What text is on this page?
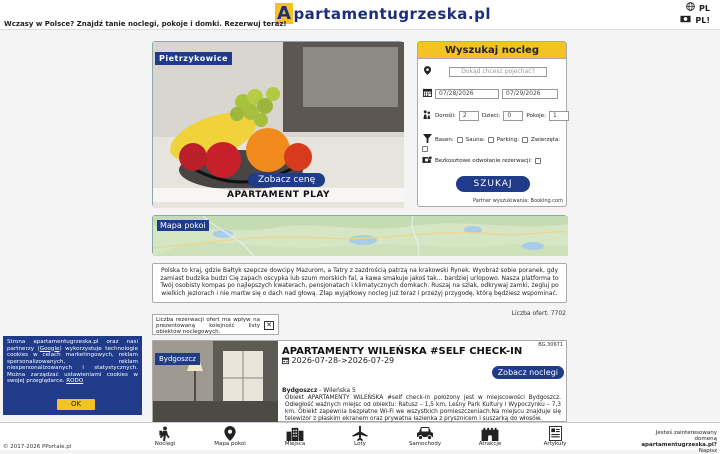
A partamentugrzeska.pl
Wczasy w Polsce? Znajdź tanie noclegi, pokoje i domki. Rezerwuj teraz!
PL
PL!
Pietrzykowice
Zobacz cenę
APARTAMENT PLAY
Wyszukaj nocleg
Dokąd chcesz pojechać?
07/28/2026	07/29/2026
Dorośli:	2	Dzieci:	0	Pokoje:	1
Basen: Sauna: Parking: Zwierzęta:
Bezkosztowe odwołanie rezerwacji:
SZUKAJ
Partner wyszukiwania: Booking.com
Mapa pokoi
Polska to kraj, gdzie Bałtyk szepcze dowcipy Mazurom, a Tatry z zazdrością patrzą na krakowski Rynek. Wyobraź sobie poranek, gdy zamiast budzika budzi Cię zapach oscypka lub szum morskich fal, a kawa smakuje jakoś tak... bardziej urlopowo. Nasza platforma to Twój osobisty kompas po najlepszych kwaterach, pensjonatach i klimatycznych domkach. Ruszaj na szlak, odkrywaj zamki, żegluj po wielkich jeziorach i nie martw się o dach nad głową. Złap wyjątkowy nocleg już teraz i przeżyj przygodę, którą będziesz wspominać.
Liczba ofert: 7702
Liczba rezerwacji ofert ma wpływ na prezentowaną kolejność listy obiektów noclegowych.
✕
Bydgoszcz
BG.30671
APARTAMENTY WILEŃSKA #SELF CHECK-IN
2026-07-28->2026-07-29
Zobacz noclegi
Bydgoszcz - Wileńska 5
Obiekt APARTAMENTY WILEŃSKA #self check-in położony jest w miejscowości Bydgoszcz. Odległość ważnych miejsc od obiektu: Ratusz – 1,5 km, Leśny Park Kultury i Wypoczynku – 7,3 km. Obiekt zapewnia bezpłatne Wi-Fi we wszystkich pomieszczeniach.Na miejscu znajduje się telewizor z płaskim ekranem oraz prywatna łazienka z prysznicem i suszarką do włosów.
Strona apartamentugrzeska.pl oraz nasi partnerzy (Google) wykorzystuje technologie cookies w celach marketingowych, reklam spersonalizowanych, reklam niespersonalizowanych i statystycznych. Można zarządzać ustawieniami cookies w swojej przeglądarce. RODO
OK
© 2017-2026 PPortale.pl	Noclegi	Mapa pokoi	Miejsca	Loty	Samochody	Atrakcje	Artykuły
Jesteś zainteresowany
domeną
apartamentugrzeska.pl?
Napisz
